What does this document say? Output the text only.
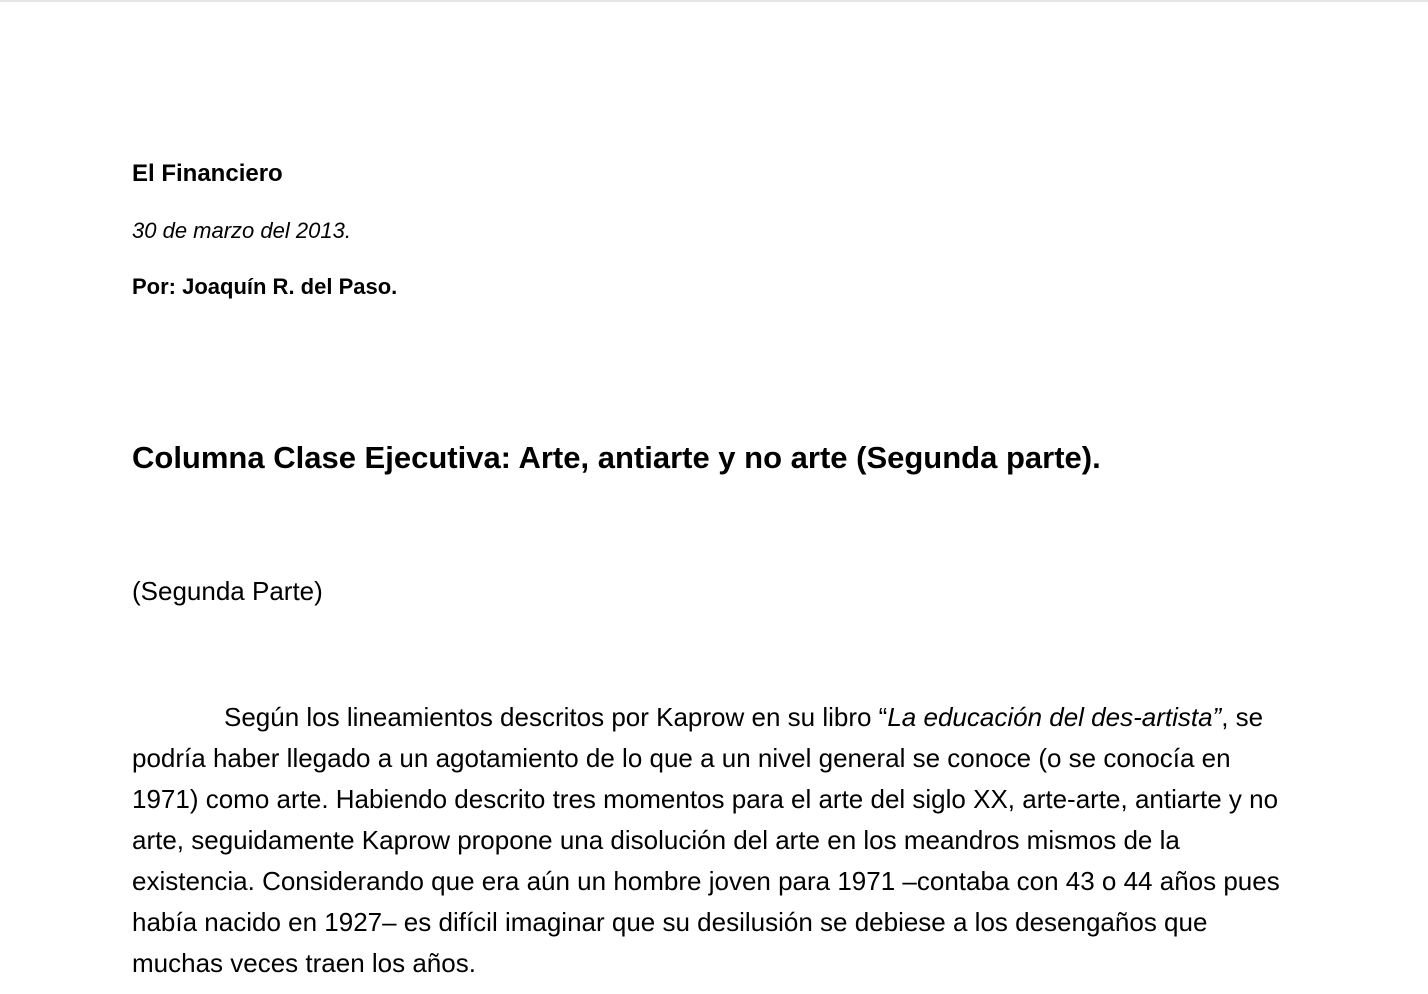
El Financiero
30 de marzo del 2013.
Por: Joaquín R. del Paso.
Columna Clase Ejecutiva: Arte, antiarte y no arte (Segunda parte).
(Segunda Parte)

Según los lineamientos descritos por Kaprow en su libro “La educación del des-artista”, se podría haber llegado a un agotamiento de lo que a un nivel general se conoce (o se conocía en 1971) como arte. Habiendo descrito tres momentos para el arte del siglo XX, arte-arte, antiarte y no arte, seguidamente Kaprow propone una disolución del arte en los meandros mismos de la existencia. Considerando que era aún un hombre joven para 1971 –contaba con 43 o 44 años pues había nacido en 1927– es difícil imaginar que su desilusión se debiese a los desengaños que muchas veces traen los años.
